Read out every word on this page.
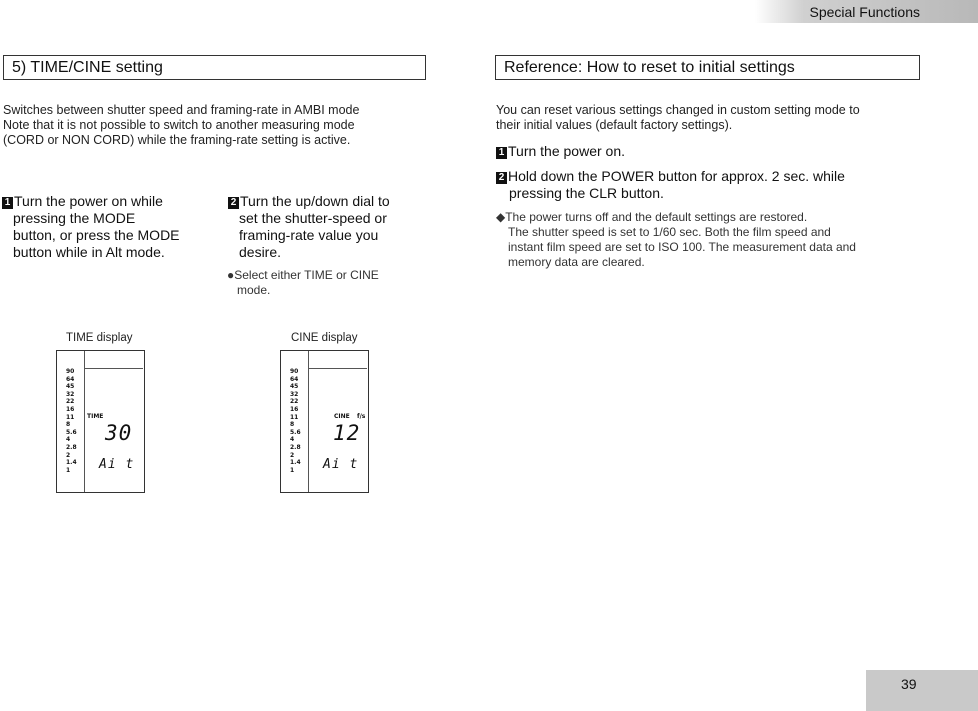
Special Functions
5) TIME/CINE setting
Switches between shutter speed and framing-rate in AMBI mode
Note that it is not possible to switch to another measuring mode
(CORD or NON CORD) while the framing-rate setting is active.
1 Turn the power on while
pressing the MODE
button, or press the MODE
button while in Alt mode.
2 Turn the up/down dial to
set the shutter-speed or
framing-rate value you
desire.
●Select either TIME or CINE
mode.
TIME display
90
64
45
32
22
16
11
8
5.6
4
2.8
2
1.4
1
TIME
30
Ai t
CINE display
90
64
45
32
22
16
11
8
5.6
4
2.8
2
1.4
1
CINE f/s
12
Ai t
Reference: How to reset to initial settings
You can reset various settings changed in custom setting mode to
their initial values (default factory settings).
1 Turn the power on.
2 Hold down the POWER button for approx. 2 sec. while
pressing the CLR button.
◆The power turns off and the default settings are restored.
The shutter speed is set to 1/60 sec. Both the film speed and
instant film speed are set to ISO 100. The measurement data and
memory data are cleared.
39
